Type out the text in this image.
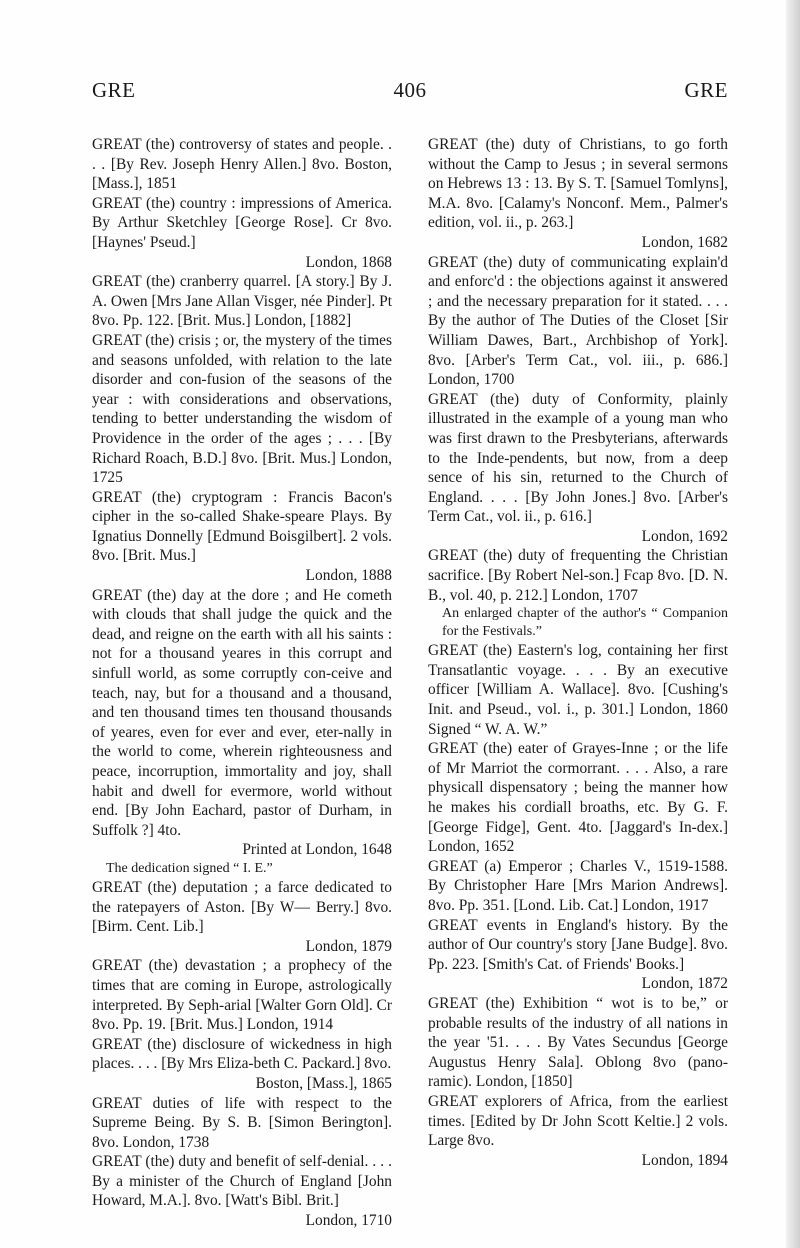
GRE	406	GRE

GREAT (the) controversy of states and people. . . . [By Rev. Joseph Henry Allen.] 8vo. Boston, [Mass.], 1851

GREAT (the) country : impressions of America. By Arthur Sketchley [George Rose]. Cr 8vo. [Haynes' Pseud.]
London, 1868

GREAT (the) cranberry quarrel. [A story.] By J. A. Owen [Mrs Jane Allan Visger, née Pinder]. Pt 8vo. Pp. 122. [Brit. Mus.] London, [1882]

GREAT (the) crisis ; or, the mystery of the times and seasons unfolded, with relation to the late disorder and con-fusion of the seasons of the year : with considerations and observations, tending to better understanding the wisdom of Providence in the order of the ages ; . . . [By Richard Roach, B.D.] 8vo. [Brit. Mus.] London, 1725

GREAT (the) cryptogram : Francis Bacon's cipher in the so-called Shake-speare Plays. By Ignatius Donnelly [Edmund Boisgilbert]. 2 vols. 8vo. [Brit. Mus.]
London, 1888

GREAT (the) day at the dore ; and He cometh with clouds that shall judge the quick and the dead, and reigne on the earth with all his saints : not for a thousand yeares in this corrupt and sinfull world, as some corruptly con-ceive and teach, nay, but for a thousand and a thousand, and ten thousand times ten thousand thousands of yeares, even for ever and ever, eter-nally in the world to come, wherein righteousness and peace, incorruption, immortality and joy, shall habit and dwell for evermore, world without end. [By John Eachard, pastor of Durham, in Suffolk ?] 4to.
Printed at London, 1648

The dedication signed “ I. E.”

GREAT (the) deputation ; a farce dedicated to the ratepayers of Aston. [By W— Berry.] 8vo. [Birm. Cent. Lib.]
London, 1879

GREAT (the) devastation ; a prophecy of the times that are coming in Europe, astrologically interpreted. By Seph-arial [Walter Gorn Old]. Cr 8vo. Pp. 19. [Brit. Mus.] London, 1914

GREAT (the) disclosure of wickedness in high places. . . . [By Mrs Eliza-beth C. Packard.] 8vo.
Boston, [Mass.], 1865

GREAT duties of life with respect to the Supreme Being. By S. B. [Simon Berington]. 8vo. London, 1738

GREAT (the) duty and benefit of self-denial. . . . By a minister of the Church of England [John Howard, M.A.]. 8vo. [Watt's Bibl. Brit.]
London, 1710

GREAT (the) duty of Christians, to go forth without the Camp to Jesus ; in several sermons on Hebrews 13 : 13. By S. T. [Samuel Tomlyns], M.A. 8vo. [Calamy's Nonconf. Mem., Palmer's edition, vol. ii., p. 263.]
London, 1682

GREAT (the) duty of communicating explain'd and enforc'd : the objections against it answered ; and the necessary preparation for it stated. . . . By the author of The Duties of the Closet [Sir William Dawes, Bart., Archbishop of York]. 8vo. [Arber's Term Cat., vol. iii., p. 686.] London, 1700

GREAT (the) duty of Conformity, plainly illustrated in the example of a young man who was first drawn to the Presbyterians, afterwards to the Inde-pendents, but now, from a deep sence of his sin, returned to the Church of England. . . . [By John Jones.] 8vo. [Arber's Term Cat., vol. ii., p. 616.]
London, 1692

GREAT (the) duty of frequenting the Christian sacrifice. [By Robert Nel-son.] Fcap 8vo. [D. N. B., vol. 40, p. 212.] London, 1707

An enlarged chapter of the author's “ Companion for the Festivals.”

GREAT (the) Eastern's log, containing her first Transatlantic voyage. . . . By an executive officer [William A. Wallace]. 8vo. [Cushing's Init. and Pseud., vol. i., p. 301.] London, 1860 Signed “ W. A. W.”

GREAT (the) eater of Grayes-Inne ; or the life of Mr Marriot the cormorrant. . . . Also, a rare physicall dispensatory ; being the manner how he makes his cordiall broaths, etc. By G. F. [George Fidge], Gent. 4to. [Jaggard's In-dex.] London, 1652

GREAT (a) Emperor ; Charles V., 1519-1588. By Christopher Hare [Mrs Marion Andrews]. 8vo. Pp. 351. [Lond. Lib. Cat.] London, 1917

GREAT events in England's history. By the author of Our country's story [Jane Budge]. 8vo. Pp. 223. [Smith's Cat. of Friends' Books.]
London, 1872

GREAT (the) Exhibition “ wot is to be,” or probable results of the industry of all nations in the year '51. . . . By Vates Secundus [George Augustus Henry Sala]. Oblong 8vo (pano-ramic). London, [1850]

GREAT explorers of Africa, from the earliest times. [Edited by Dr John Scott Keltie.] 2 vols. Large 8vo.
London, 1894
